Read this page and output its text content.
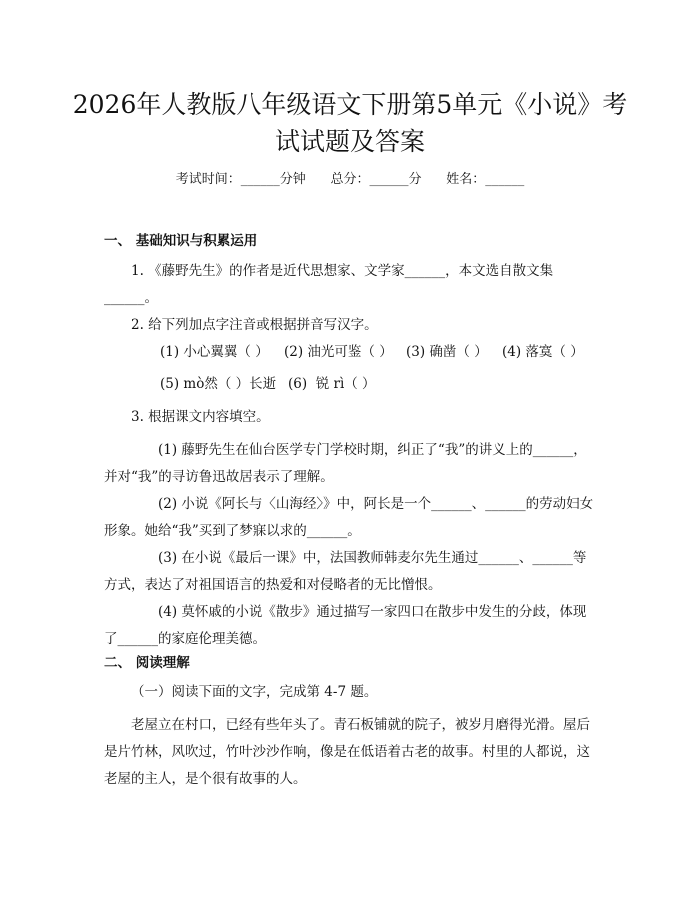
2026年人教版八年级语文下册第5单元《小说》考试试题及答案
考试时间：______分钟      总分：______分      姓名：______
一、 基础知识与积累运用
1. 《藤野先生》的作者是近代思想家、文学家______，本文选自散文集______。
2. 给下列加点字注音或根据拼音写汉字。
(1) 小心翼翼（ ） (2) 油光可鉴（ ） (3) 确凿（ ） (4) 落寞（ ）
(5) mò然（ ）长逝 (6)  锐 rì（ ）
3. 根据课文内容填空。
(1) 藤野先生在仙台医学专门学校时期，纠正了“我”的讲义上的______，并对“我”的寻访鲁迅故居表示了理解。
(2) 小说《阿长与〈山海经〉》中，阿长是一个______、______的劳动妇女形象。她给“我”买到了梦寐以求的______。
(3) 在小说《最后一课》中，法国教师韩麦尔先生通过______、______等方式，表达了对祖国语言的热爱和对侵略者的无比憎恨。
(4) 莫怀戚的小说《散步》通过描写一家四口在散步中发生的分歧，体现了______的家庭伦理美德。
二、 阅读理解
（一）阅读下面的文字，完成第 4-7 题。
老屋立在村口，已经有些年头了。青石板铺就的院子，被岁月磨得光滑。屋后是片竹林，风吹过，竹叶沙沙作响，像是在低语着古老的故事。村里的人都说，这老屋的主人，是个很有故事的人。
